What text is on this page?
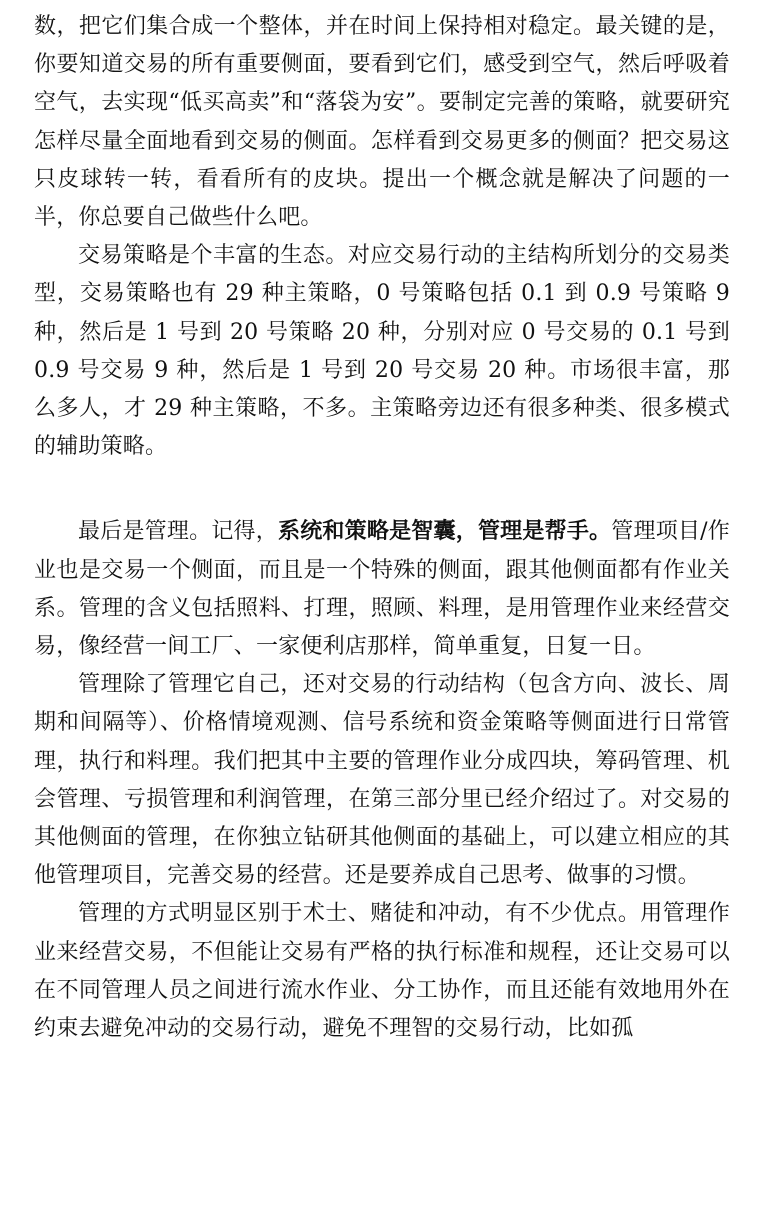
数，把它们集合成一个整体，并在时间上保持相对稳定。最关键的是，你要知道交易的所有重要侧面，要看到它们，感受到空气，然后呼吸着空气，去实现“低买高卖”和“落袋为安”。要制定完善的策略，就要研究怎样尽量全面地看到交易的侧面。怎样看到交易更多的侧面？把交易这只皮球转一转，看看所有的皮块。提出一个概念就是解决了问题的一半，你总要自己做些什么吧。

交易策略是个丰富的生态。对应交易行动的主结构所划分的交易类型，交易策略也有 29 种主策略，0 号策略包括 0.1 到 0.9 号策略 9 种，然后是 1 号到 20 号策略 20 种，分别对应 0 号交易的 0.1 号到 0.9 号交易 9 种，然后是 1 号到 20 号交易 20 种。市场很丰富，那么多人，才 29 种主策略，不多。主策略旁边还有很多种类、很多模式的辅助策略。

最后是管理。记得，系统和策略是智囊，管理是帮手。管理项目/作业也是交易一个侧面，而且是一个特殊的侧面，跟其他侧面都有作业关系。管理的含义包括照料、打理，照顾、料理，是用管理作业来经营交易，像经营一间工厂、一家便利店那样，简单重复，日复一日。

管理除了管理它自己，还对交易的行动结构（包含方向、波长、周期和间隔等）、价格情境观测、信号系统和资金策略等侧面进行日常管理，执行和料理。我们把其中主要的管理作业分成四块，筹码管理、机会管理、亏损管理和利润管理，在第三部分里已经介绍过了。对交易的其他侧面的管理，在你独立钻研其他侧面的基础上，可以建立相应的其他管理项目，完善交易的经营。还是要养成自己思考、做事的习惯。

管理的方式明显区别于术士、赌徒和冲动，有不少优点。用管理作业来经营交易，不但能让交易有严格的执行标准和规程，还让交易可以在不同管理人员之间进行流水作业、分工协作，而且还能有效地用外在约束去避免冲动的交易行动，避免不理智的交易行动，比如孤
